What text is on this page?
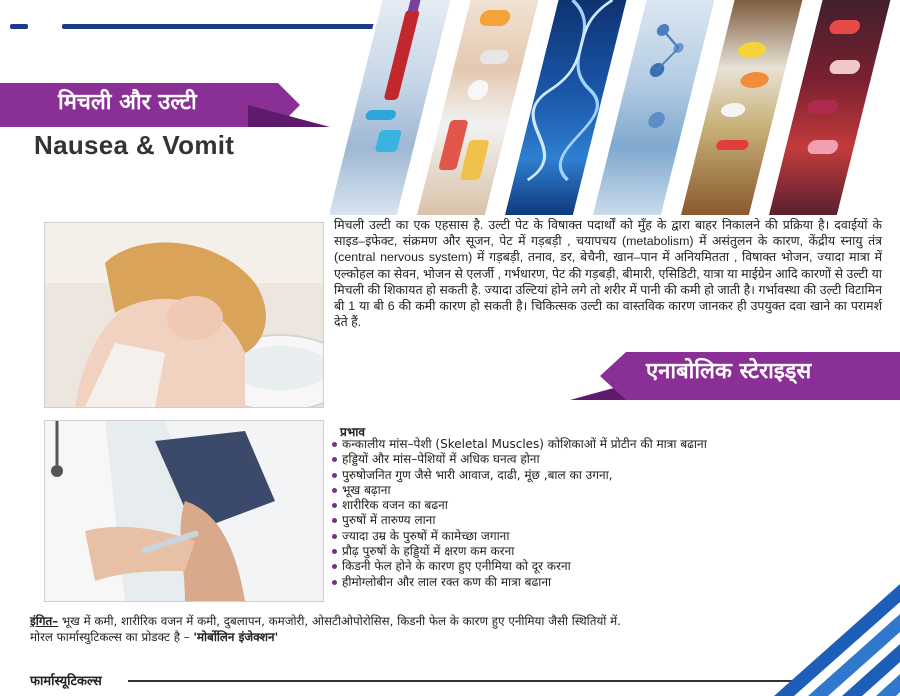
मिचली और उल्टी
Nausea & Vomit

मिचली उल्टी का एक एहसास है. उल्टी पेट के विषाक्त पदार्थों को मुँह के द्वारा बाहर निकालने की प्रक्रिया है। दवाईयों के साइड–इफेक्ट, संक्रमण और सूजन, पेट में गड़बड़ी , चयापचय (metabolism) में असंतुलन के कारण, केंद्रीय स्नायु तंत्र (central nervous system) में गड़बड़ी, तनाव, डर, बेचैनी, खान–पान में अनियमितता , विषाक्त भोजन, ज्यादा मात्रा में एल्कोहल का सेवन, भोजन से एलर्जी , गर्भधारण, पेट की गड़बड़ी, बीमारी, एसिडिटी, यात्रा या माईग्रेन आदि कारणों से उल्टी या मिचली की शिकायत हो सकती है. ज्यादा उल्टियां होने लगे तो शरीर में पानी की कमी हो जाती है। गर्भावस्था की उल्टी विटामिन बी 1 या बी 6 की कमी कारण हो सकती है। चिकित्सक उल्टी का वास्तविक कारण जानकर ही उपयुक्त दवा खाने का परामर्श देते हैं.

एनाबोलिक स्टेराइड्स
प्रभाव
कन्कालीय मांस–पेशी (Skeletal Muscles) कोशिकाओं में प्रोटीन की मात्रा बढाना
हड्डियों और मांस–पेशियों में अधिक घनत्व होना
पुरुषोजनित गुण जैसे भारी आवाज, दाढी, मूंछ ,बाल का उगना,
भूख बढ़ाना
शारीरिक वजन का बढना
पुरुषों में तारुण्य लाना
ज्यादा उम्र के पुरुषों में कामेच्छा जगाना
प्रौढ़ पुरुषों के हड्डियों में क्षरण कम करना
किडनी फेल होने के कारण हुए एनीमिया को दूर करना
हीमोग्लोबीन और लाल रक्त कण की मात्रा बढाना
इंगित– भूख में कमी, शारीरिक वजन में कमी, दुबलापन, कमजोरी, ओसटीओपोरोसिस, किडनी फेल के कारण हुए एनीमिया जैसी स्थितियों में.
मोरल फार्मास्युटिकल्स का प्रोडक्ट है – 'मोर्बोलिन इंजेक्शन'
फार्मास्यूटिकल्स
